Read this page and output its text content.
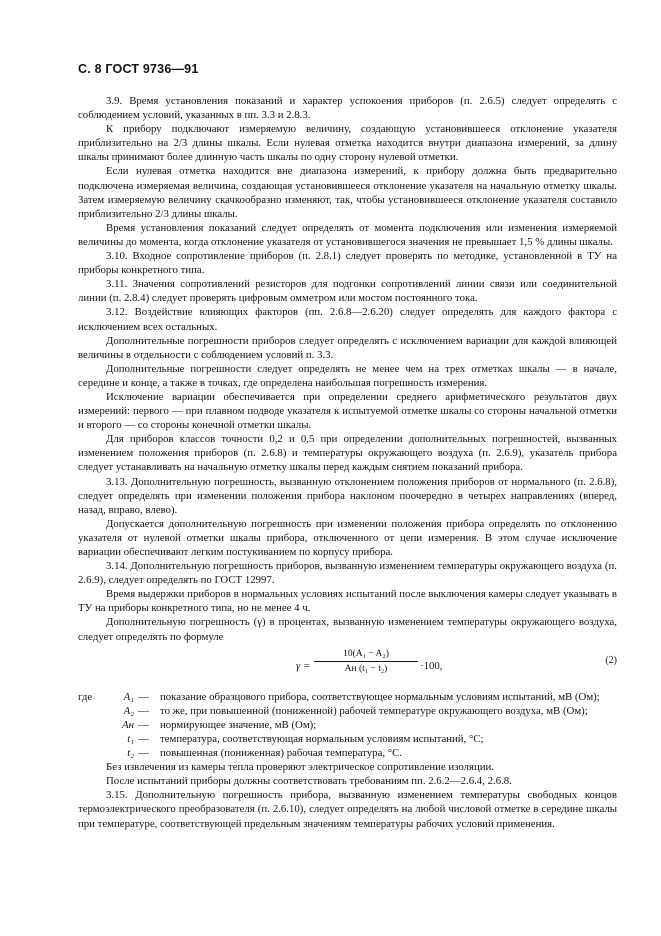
С. 8 ГОСТ 9736—91

3.9. Время установления показаний и характер успокоения приборов (п. 2.6.5) следует определять с соблюдением условий, указанных в пп. 3.3 и 2.8.3.

К прибору подключают измеряемую величину, создающую установившееся отклонение указателя приблизительно на 2/3 длины шкалы. Если нулевая отметка находится внутри диапазона измерений, за длину шкалы принимают более длинную часть шкалы по одну сторону нулевой отметки.

Если нулевая отметка находится вне диапазона измерений, к прибору должна быть предварительно подключена измеряемая величина, создающая установившееся отклонение указателя на начальную отметку шкалы. Затем измеряемую величину скачкообразно изменяют, так, чтобы установившееся отклонение указателя составило приблизительно 2/3 длины шкалы.

Время установления показаний следует определять от момента подключения или изменения измеряемой величины до момента, когда отклонение указателя от установившегося значения не превышает 1,5 % длины шкалы.

3.10. Входное сопротивление приборов (п. 2.8.1) следует проверять по методике, установленной в ТУ на приборы конкретного типа.

3.11. Значения сопротивлений резисторов для подгонки сопротивлений линии связи или соединительной линии (п. 2.8.4) следует проверять цифровым омметром или мостом постоянного тока.

3.12. Воздействие влияющих факторов (пп. 2.6.8—2.6.20) следует определять для каждого фактора с исключением всех остальных.

Дополнительные погрешности приборов следует определять с исключением вариации для каждой влияющей величины в отдельности с соблюдением условий п. 3.3.

Дополнительные погрешности следует определять не менее чем на трех отметках шкалы — в начале, середине и конце, а также в точках, где определена наибольшая погрешность измерения.

Исключение вариации обеспечивается при определении среднего арифметического результатов двух измерений: первого — при плавном подводе указателя к испытуемой отметке шкалы со стороны начальной отметки и второго — со стороны конечной отметки шкалы.

Для приборов классов точности 0,2 и 0,5 при определении дополнительных погрешностей, вызванных изменением положения приборов (п. 2.6.8) и температуры окружающего воздуха (п. 2.6.9), указатель прибора следует устанавливать на начальную отметку шкалы перед каждым снятием показаний прибора.

3.13. Дополнительную погрешность, вызванную отклонением положения приборов от нормального (п. 2.6.8), следует определять при изменении положения прибора наклоном поочередно в четырех направлениях (вперед, назад, вправо, влево).

Допускается дополнительную погрешность при изменении положения прибора определять по отклонению указателя от нулевой отметки шкалы прибора, отключенного от цепи измерения. В этом случае исключение вариации обеспечивают легким постукиванием по корпусу прибора.

3.14. Дополнительную погрешность приборов, вызванную изменением температуры окружающего воздуха (п. 2.6.9), следует определять по ГОСТ 12997.

Время выдержки приборов в нормальных условиях испытаний после выключения камеры следует указывать в ТУ на приборы конкретного типа, но не менее 4 ч.

Дополнительную погрешность (γ) в процентах, вызванную изменением температуры окружающего воздуха, следует определять по формуле

γ =
10(A₁ − A₂)
Aн (t₁ − t₂)	·100,	(2)
где	A₁ — показание образцового прибора, соответствующее нормальным условиям испытаний, мВ (Ом);
A₂ — то же, при повышенной (пониженной) рабочей температуре окружающего воздуха, мВ (Ом);
Aн — нормирующее значение, мВ (Ом);
t₁ — температура, соответствующая нормальным условиям испытаний, °С;
t₂ — повышенная (пониженная) рабочая температура, °С.

Без извлечения из камеры тепла проверяют электрическое сопротивление изоляции.

После испытаний приборы должны соответствовать требованиям пп. 2.6.2—2.6.4, 2.6.8.

3.15. Дополнительную погрешность прибора, вызванную изменением температуры свободных концов термоэлектрического преобразователя (п. 2.6.10), следует определять на любой числовой отметке в середине шкалы при температуре, соответствующей предельным значениям температуры рабочих условий применения.
